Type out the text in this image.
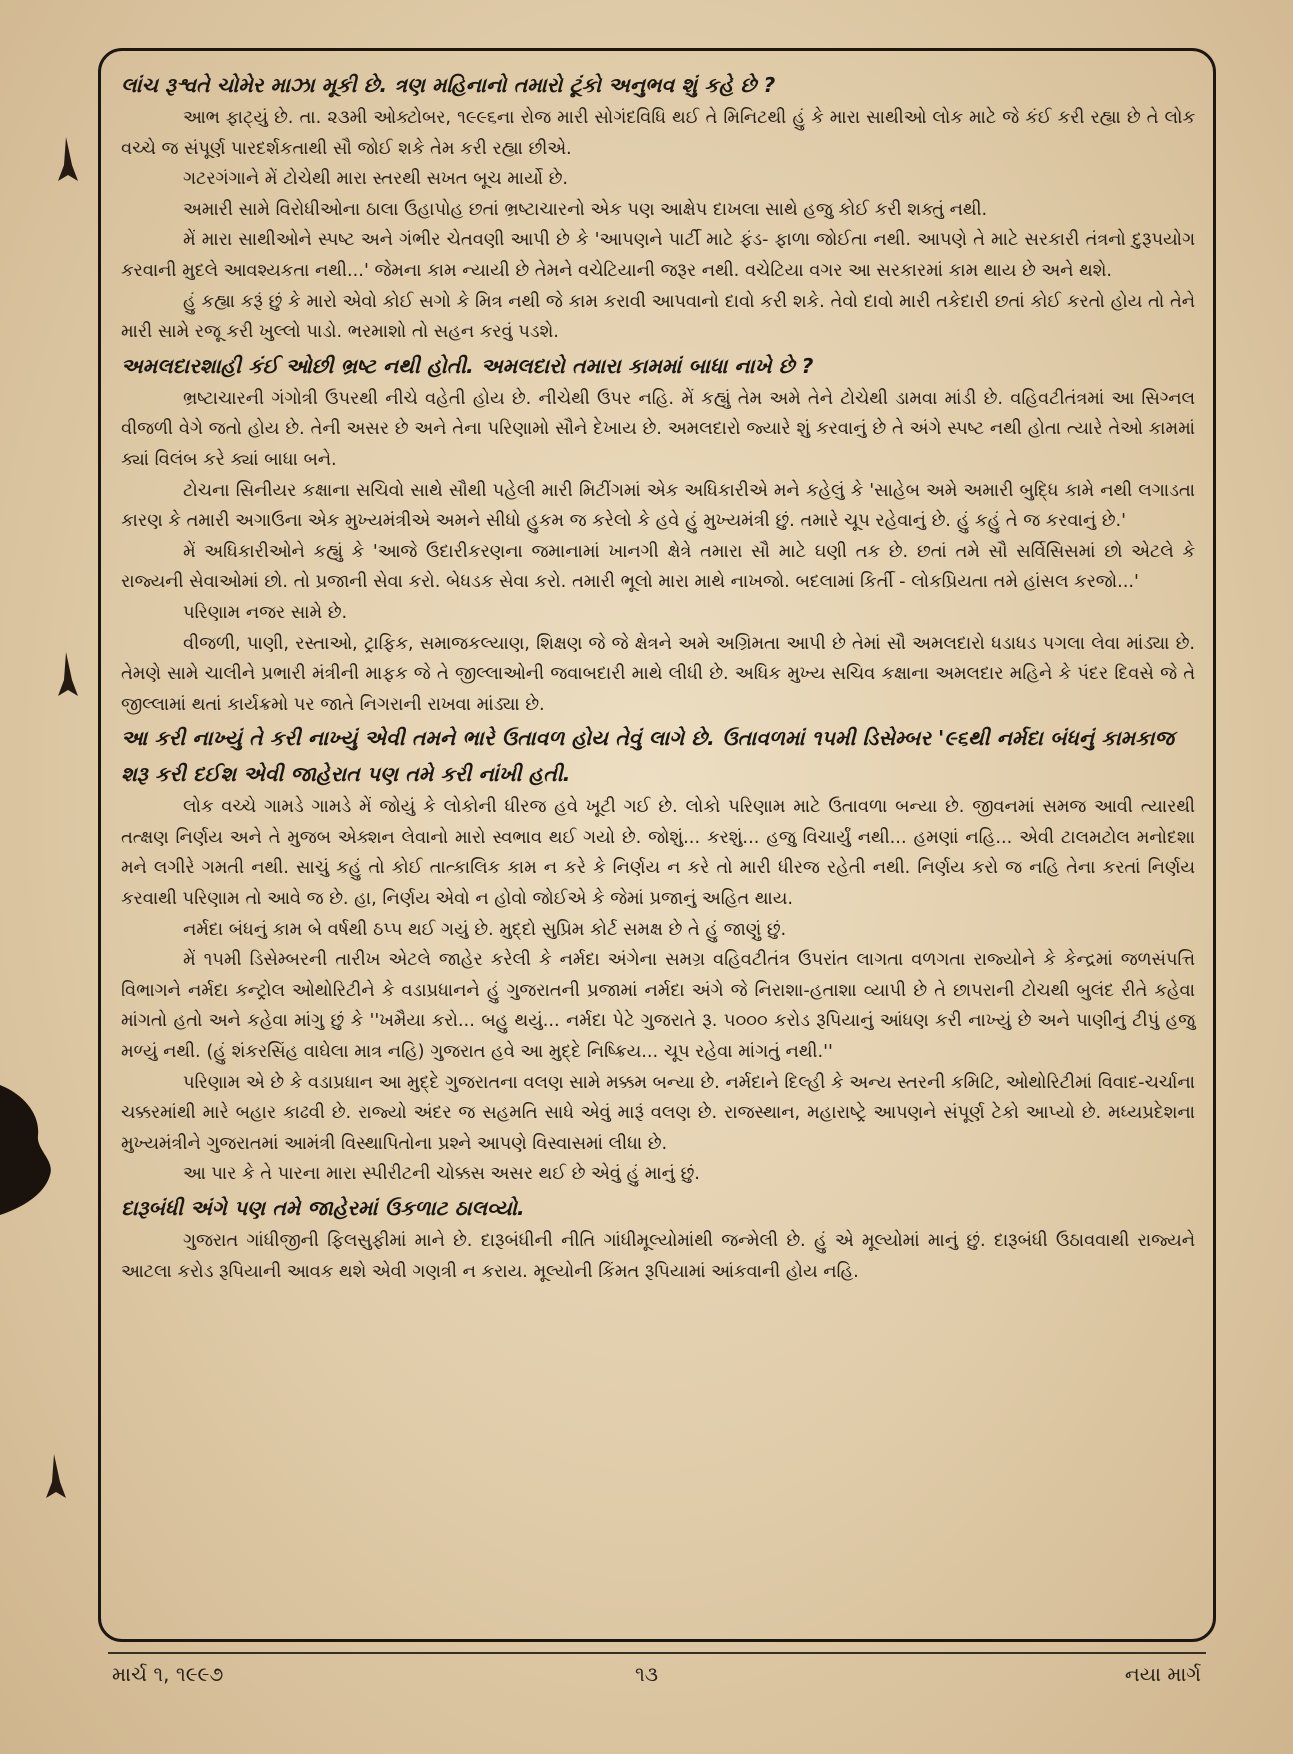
લાંચ રૂશ્વતે ચોમેર માઝા મૂકી છે. ત્રણ મહિનાનો તમારો ટૂંકો અનુભવ શું કહે છે ?

આભ ફાટ્યું છે. તા. ૨૩મી ઓક્ટોબર, ૧૯૯૬ના રોજ મારી સોગંદવિધિ થઈ તે મિનિટથી હું કે મારા સાથીઓ લોક માટે જે કંઈ કરી રહ્યા છે તે લોક વચ્ચે જ સંપૂર્ણ પારદર્શકતાથી સૌ જોઈ શકે તેમ કરી રહ્યા છીએ.

ગટરગંગાને મેં ટોચેથી મારા સ્તરથી સખત બૂચ માર્યો છે.

અમારી સામે વિરોધીઓના ઠાલા ઉહાપોહ છતાં ભ્રષ્ટાચારનો એક પણ આક્ષેપ દાખલા સાથે હજુ કોઈ કરી શક્તું નથી.

મેં મારા સાથીઓને સ્પષ્ટ અને ગંભીર ચેતવણી આપી છે કે 'આપણને પાર્ટી માટે ફંડ- ફાળા જોઈતા નથી. આપણે તે માટે સરકારી તંત્રનો દુરૂપયોગ કરવાની મુદલે આવશ્યકતા નથી...' જેમના કામ ન્યાયી છે તેમને વચેટિયાની જરૂર નથી. વચેટિયા વગર આ સરકારમાં કામ થાય છે અને થશે.

હું કહ્યા કરૂં છું કે મારો એવો કોઈ સગો કે મિત્ર નથી જે કામ કરાવી આપવાનો દાવો કરી શકે. તેવો દાવો મારી તકેદારી છતાં કોઈ કરતો હોય તો તેને મારી સામે રજૂ કરી ખુલ્લો પાડો. ભરમાશો તો સહન કરવું પડશે.

અમલદારશાહી કંઈ ઓછી ભ્રષ્ટ નથી હોતી. અમલદારો તમારા કામમાં બાધા નાખે છે ?

ભ્રષ્ટાચારની ગંગોત્રી ઉપરથી નીચે વહેતી હોય છે. નીચેથી ઉપર નહિ. મેં કહ્યું તેમ અમે તેને ટોચેથી ડામવા માંડી છે. વહિવટીતંત્રમાં આ સિગ્નલ વીજળી વેગે જતો હોય છે. તેની અસર છે અને તેના પરિણામો સૌને દેખાય છે. અમલદારો જ્યારે શું કરવાનું છે તે અંગે સ્પષ્ટ નથી હોતા ત્યારે તેઓ કામમાં ક્યાં વિલંબ કરે ક્યાં બાધા બને.

ટોચના સિનીયર કક્ષાના સચિવો સાથે સૌથી પહેલી મારી મિટીંગમાં એક અધિકારીએ મને કહેલું કે 'સાહેબ અમે અમારી બુદ્ધિ કામે નથી લગાડતા કારણ કે તમારી અગાઉના એક મુખ્યમંત્રીએ અમને સીધો હુકમ જ કરેલો કે હવે હું મુખ્યમંત્રી છું. તમારે ચૂપ રહેવાનું છે. હું કહું તે જ કરવાનું છે.'

મેં અધિકારીઓને કહ્યું કે 'આજે ઉદારીકરણના જમાનામાં ખાનગી ક્ષેત્રે તમારા સૌ માટે ઘણી તક છે. છતાં તમે સૌ સર્વિસિસમાં છો એટલે કે રાજ્યની સેવાઓમાં છો. તો પ્રજાની સેવા કરો. બેધડક સેવા કરો. તમારી ભૂલો મારા માથે નાખજો. બદલામાં કિર્તી - લોકપ્રિયતા તમે હાંસલ કરજો...'

પરિણામ નજર સામે છે.

વીજળી, પાણી, રસ્તાઓ, ટ્રાફિક, સમાજકલ્યાણ, શિક્ષણ જે જે ક્ષેત્રને અમે અગ્રિમતા આપી છે તેમાં સૌ અમલદારો ધડાધડ પગલા લેવા માંડ્યા છે. તેમણે સામે ચાલીને પ્રભારી મંત્રીની માફક જે તે જીલ્લાઓની જવાબદારી માથે લીધી છે. અધિક મુખ્ય સચિવ કક્ષાના અમલદાર મહિને કે પંદર દિવસે જે તે જીલ્લામાં થતાં કાર્યક્રમો પર જાતે નિગરાની રાખવા માંડ્યા છે.

આ કરી નાખ્યું તે કરી નાખ્યું એવી તમને ભારે ઉતાવળ હોય તેવું લાગે છે. ઉતાવળમાં ૧૫મી ડિસેમ્બર '૯૬થી નર્મદા બંધનું કામકાજ શરૂ કરી દઈશ એવી જાહેરાત પણ તમે કરી નાંખી હતી.

લોક વચ્ચે ગામડે ગામડે મેં જોયું કે લોકોની ધીરજ હવે ખૂટી ગઈ છે. લોકો પરિણામ માટે ઉતાવળા બન્યા છે. જીવનમાં સમજ આવી ત્યારથી તત્ક્ષણ નિર્ણય અને તે મુજબ એક્શન લેવાનો મારો સ્વભાવ થઈ ગયો છે. જોશું... કરશું... હજુ વિચાર્યું નથી... હમણાં નહિ... એવી ટાલમટોલ મનોદશા મને લગીરે ગમતી નથી. સાચું કહું તો કોઈ તાત્કાલિક કામ ન કરે કે નિર્ણય ન કરે તો મારી ધીરજ રહેતી નથી. નિર્ણય કરો જ નહિ તેના કરતાં નિર્ણય કરવાથી પરિણામ તો આવે જ છે. હા, નિર્ણય એવો ન હોવો જોઈએ કે જેમાં પ્રજાનું અહિત થાય.

નર્મદા બંધનું કામ બે વર્ષથી ઠપ્પ થઈ ગયું છે. મુદ્દો સુપ્રિમ કોર્ટ સમક્ષ છે તે હું જાણું છું.

મેં ૧૫મી ડિસેમ્બરની તારીખ એટલે જાહેર કરેલી કે નર્મદા અંગેના સમગ્ર વહિવટીતંત્ર ઉપરાંત લાગતા વળગતા રાજ્યોને કે કેન્દ્રમાં જળસંપત્તિ વિભાગને નર્મદા કન્ટ્રોલ ઓથોરિટીને કે વડાપ્રધાનને હું ગુજરાતની પ્રજામાં નર્મદા અંગે જે નિરાશા-હતાશા વ્યાપી છે તે છાપરાની ટોચથી બુલંદ રીતે કહેવા માંગતો હતો અને કહેવા માંગુ છું કે ''ખમૈયા કરો... બહુ થયું... નર્મદા પેટે ગુજરાતે રૂ. ૫૦૦૦ કરોડ રૂપિયાનું આંધણ કરી નાખ્યું છે અને પાણીનું ટીપું હજુ મળ્યું નથી. (હું શંકરસિંહ વાઘેલા માત્ર નહિ) ગુજરાત હવે આ મુદ્દે નિષ્ક્રિય... ચૂપ રહેવા માંગતું નથી.''

પરિણામ એ છે કે વડાપ્રધાન આ મુદ્દે ગુજરાતના વલણ સામે મક્કમ બન્યા છે. નર્મદાને દિલ્હી કે અન્ય સ્તરની કમિટિ, ઓથોરિટીમાં વિવાદ-ચર્ચાના ચક્કરમાંથી મારે બહાર કાઢવી છે. રાજ્યો અંદર જ સહમતિ સાધે એવું મારૂં વલણ છે. રાજસ્થાન, મહારાષ્ટ્રે આપણને સંપૂર્ણ ટેકો આપ્યો છે. મધ્યપ્રદેશના મુખ્યમંત્રીને ગુજરાતમાં આમંત્રી વિસ્થાપિતોના પ્રશ્ને આપણે વિસ્વાસમાં લીધા છે.

આ પાર કે તે પારના મારા સ્પીરીટની ચોક્કસ અસર થઈ છે એવું હું માનું છું.

દારૂબંધી અંગે પણ તમે જાહેરમાં ઉકળાટ ઠાલવ્યો.

ગુજરાત ગાંધીજીની ફિલસુફીમાં માને છે. દારૂબંધીની નીતિ ગાંધીમૂલ્યોમાંથી જન્મેલી છે. હું એ મૂલ્યોમાં માનું છું. દારૂબંધી ઉઠાવવાથી રાજ્યને આટલા કરોડ રૂપિયાની આવક થશે એવી ગણત્રી ન કરાય. મૂલ્યોની કિંમત રૂપિયામાં આંકવાની હોય નહિ.

માર્ચ ૧, ૧૯૯૭	૧૩	નયા માર્ગ
